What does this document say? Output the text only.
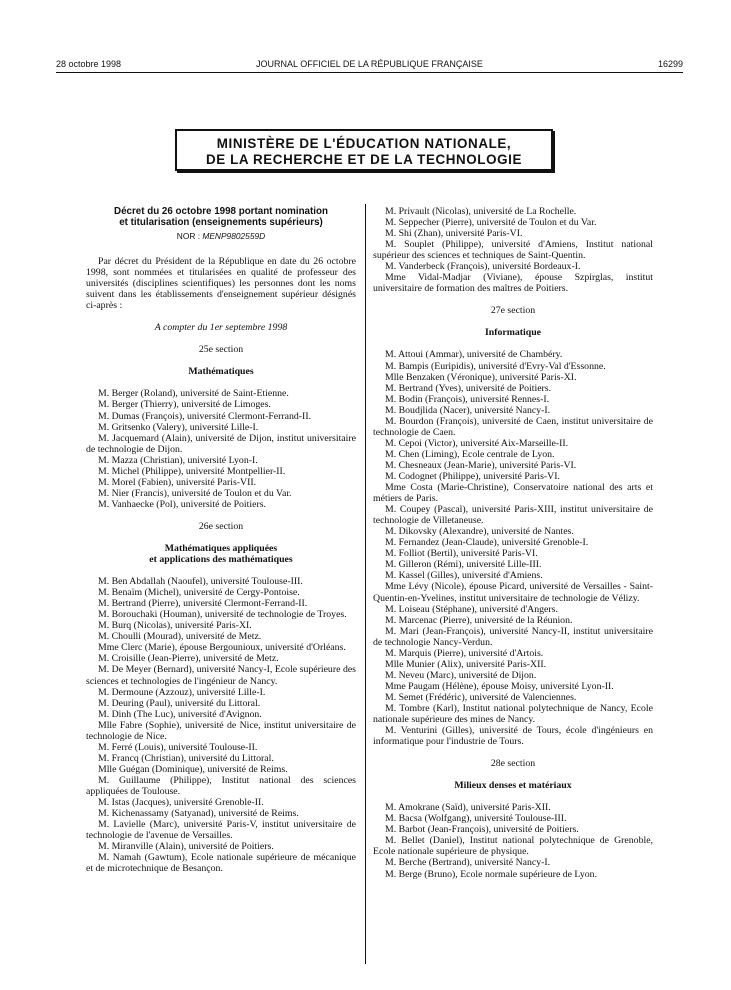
28 octobre 1998	JOURNAL OFFICIEL DE LA RÉPUBLIQUE FRANÇAISE	16299
MINISTÈRE DE L'ÉDUCATION NATIONALE,
DE LA RECHERCHE ET DE LA TECHNOLOGIE
Décret du 26 octobre 1998 portant nomination
et titularisation (enseignements supérieurs)
NOR : MENP9802559D
Par décret du Président de la République en date du 26 octobre 1998, sont nommées et titularisées en qualité de professeur des universités (disciplines scientifiques) les personnes dont les noms suivent dans les établissements d'enseignement supérieur désignés ci-après :
A compter du 1er septembre 1998
25e section
Mathématiques
M. Berger (Roland), université de Saint-Etienne.
M. Berger (Thierry), université de Limoges.
M. Dumas (François), université Clermont-Ferrand-II.
M. Gritsenko (Valery), université Lille-I.
M. Jacquemard (Alain), université de Dijon, institut universitaire de technologie de Dijon.
M. Mazza (Christian), université Lyon-I.
M. Michel (Philippe), université Montpellier-II.
M. Morel (Fabien), université Paris-VII.
M. Nier (Francis), université de Toulon et du Var.
M. Vanhaecke (Pol), université de Poitiers.
26e section
Mathématiques appliquées
et applications des mathématiques
M. Ben Abdallah (Naoufel), université Toulouse-III.
M. Benaïm (Michel), université de Cergy-Pontoise.
M. Bertrand (Pierre), université Clermont-Ferrand-II.
M. Borouchaki (Houman), université de technologie de Troyes.
M. Burq (Nicolas), université Paris-XI.
M. Choulli (Mourad), université de Metz.
Mme Clerc (Marie), épouse Bergounioux, université d'Orléans.
M. Croisille (Jean-Pierre), université de Metz.
M. De Meyer (Bernard), université Nancy-I, Ecole supérieure des sciences et technologies de l'ingénieur de Nancy.
M. Dermoune (Azzouz), université Lille-I.
M. Deuring (Paul), université du Littoral.
M. Dinh (The Luc), université d'Avignon.
Mlle Fabre (Sophie), université de Nice, institut universitaire de technologie de Nice.
M. Ferré (Louis), université Toulouse-II.
M. Francq (Christian), université du Littoral.
Mlle Guégan (Dominique), université de Reims.
M. Guillaume (Philippe), Institut national des sciences appliquées de Toulouse.
M. Istas (Jacques), université Grenoble-II.
M. Kichenassamy (Satyanad), université de Reims.
M. Lavielle (Marc), université Paris-V, institut universitaire de technologie de l'avenue de Versailles.
M. Miranville (Alain), université de Poitiers.
M. Namah (Gawtum), Ecole nationale supérieure de mécanique et de microtechnique de Besançon.
M. Privault (Nicolas), université de La Rochelle.
M. Seppecher (Pierre), université de Toulon et du Var.
M. Shi (Zhan), université Paris-VI.
M. Souplet (Philippe), université d'Amiens, Institut national supérieur des sciences et techniques de Saint-Quentin.
M. Vanderbeck (François), université Bordeaux-I.
Mme Vidal-Madjar (Viviane), épouse Szpirglas, institut universitaire de formation des maîtres de Poitiers.
27e section
Informatique
M. Attoui (Ammar), université de Chambéry.
M. Bampis (Euripidis), université d'Evry-Val d'Essonne.
Mlle Benzaken (Véronique), université Paris-XI.
M. Bertrand (Yves), université de Poitiers.
M. Bodin (François), université Rennes-I.
M. Boudjlida (Nacer), université Nancy-I.
M. Bourdon (François), université de Caen, institut universitaire de technologie de Caen.
M. Cepoi (Victor), université Aix-Marseille-II.
M. Chen (Liming), Ecole centrale de Lyon.
M. Chesneaux (Jean-Marie), université Paris-VI.
M. Codognet (Philippe), université Paris-VI.
Mme Costa (Marie-Christine), Conservatoire national des arts et métiers de Paris.
M. Coupey (Pascal), université Paris-XIII, institut universitaire de technologie de Villetaneuse.
M. Dikovsky (Alexandre), université de Nantes.
M. Fernandez (Jean-Claude), université Grenoble-I.
M. Folliot (Bertil), université Paris-VI.
M. Gilleron (Rémi), université Lille-III.
M. Kassel (Gilles), université d'Amiens.
Mme Lévy (Nicole), épouse Picard, université de Versailles - Saint-Quentin-en-Yvelines, institut universitaire de technologie de Vélizy.
M. Loiseau (Stéphane), université d'Angers.
M. Marcenac (Pierre), université de la Réunion.
M. Mari (Jean-François), université Nancy-II, institut universitaire de technologie Nancy-Verdun.
M. Marquis (Pierre), université d'Artois.
Mlle Munier (Alix), université Paris-XII.
M. Neveu (Marc), université de Dijon.
Mme Paugam (Hélène), épouse Moisy, université Lyon-II.
M. Semet (Frédéric), université de Valenciennes.
M. Tombre (Karl), Institut national polytechnique de Nancy, Ecole nationale supérieure des mines de Nancy.
M. Venturini (Gilles), université de Tours, école d'ingénieurs en informatique pour l'industrie de Tours.
28e section
Milieux denses et matériaux
M. Amokrane (Saïd), université Paris-XII.
M. Bacsa (Wolfgang), université Toulouse-III.
M. Barbot (Jean-François), université de Poitiers.
M. Bellet (Daniel), Institut national polytechnique de Grenoble, Ecole nationale supérieure de physique.
M. Berche (Bertrand), université Nancy-I.
M. Berge (Bruno), Ecole normale supérieure de Lyon.
